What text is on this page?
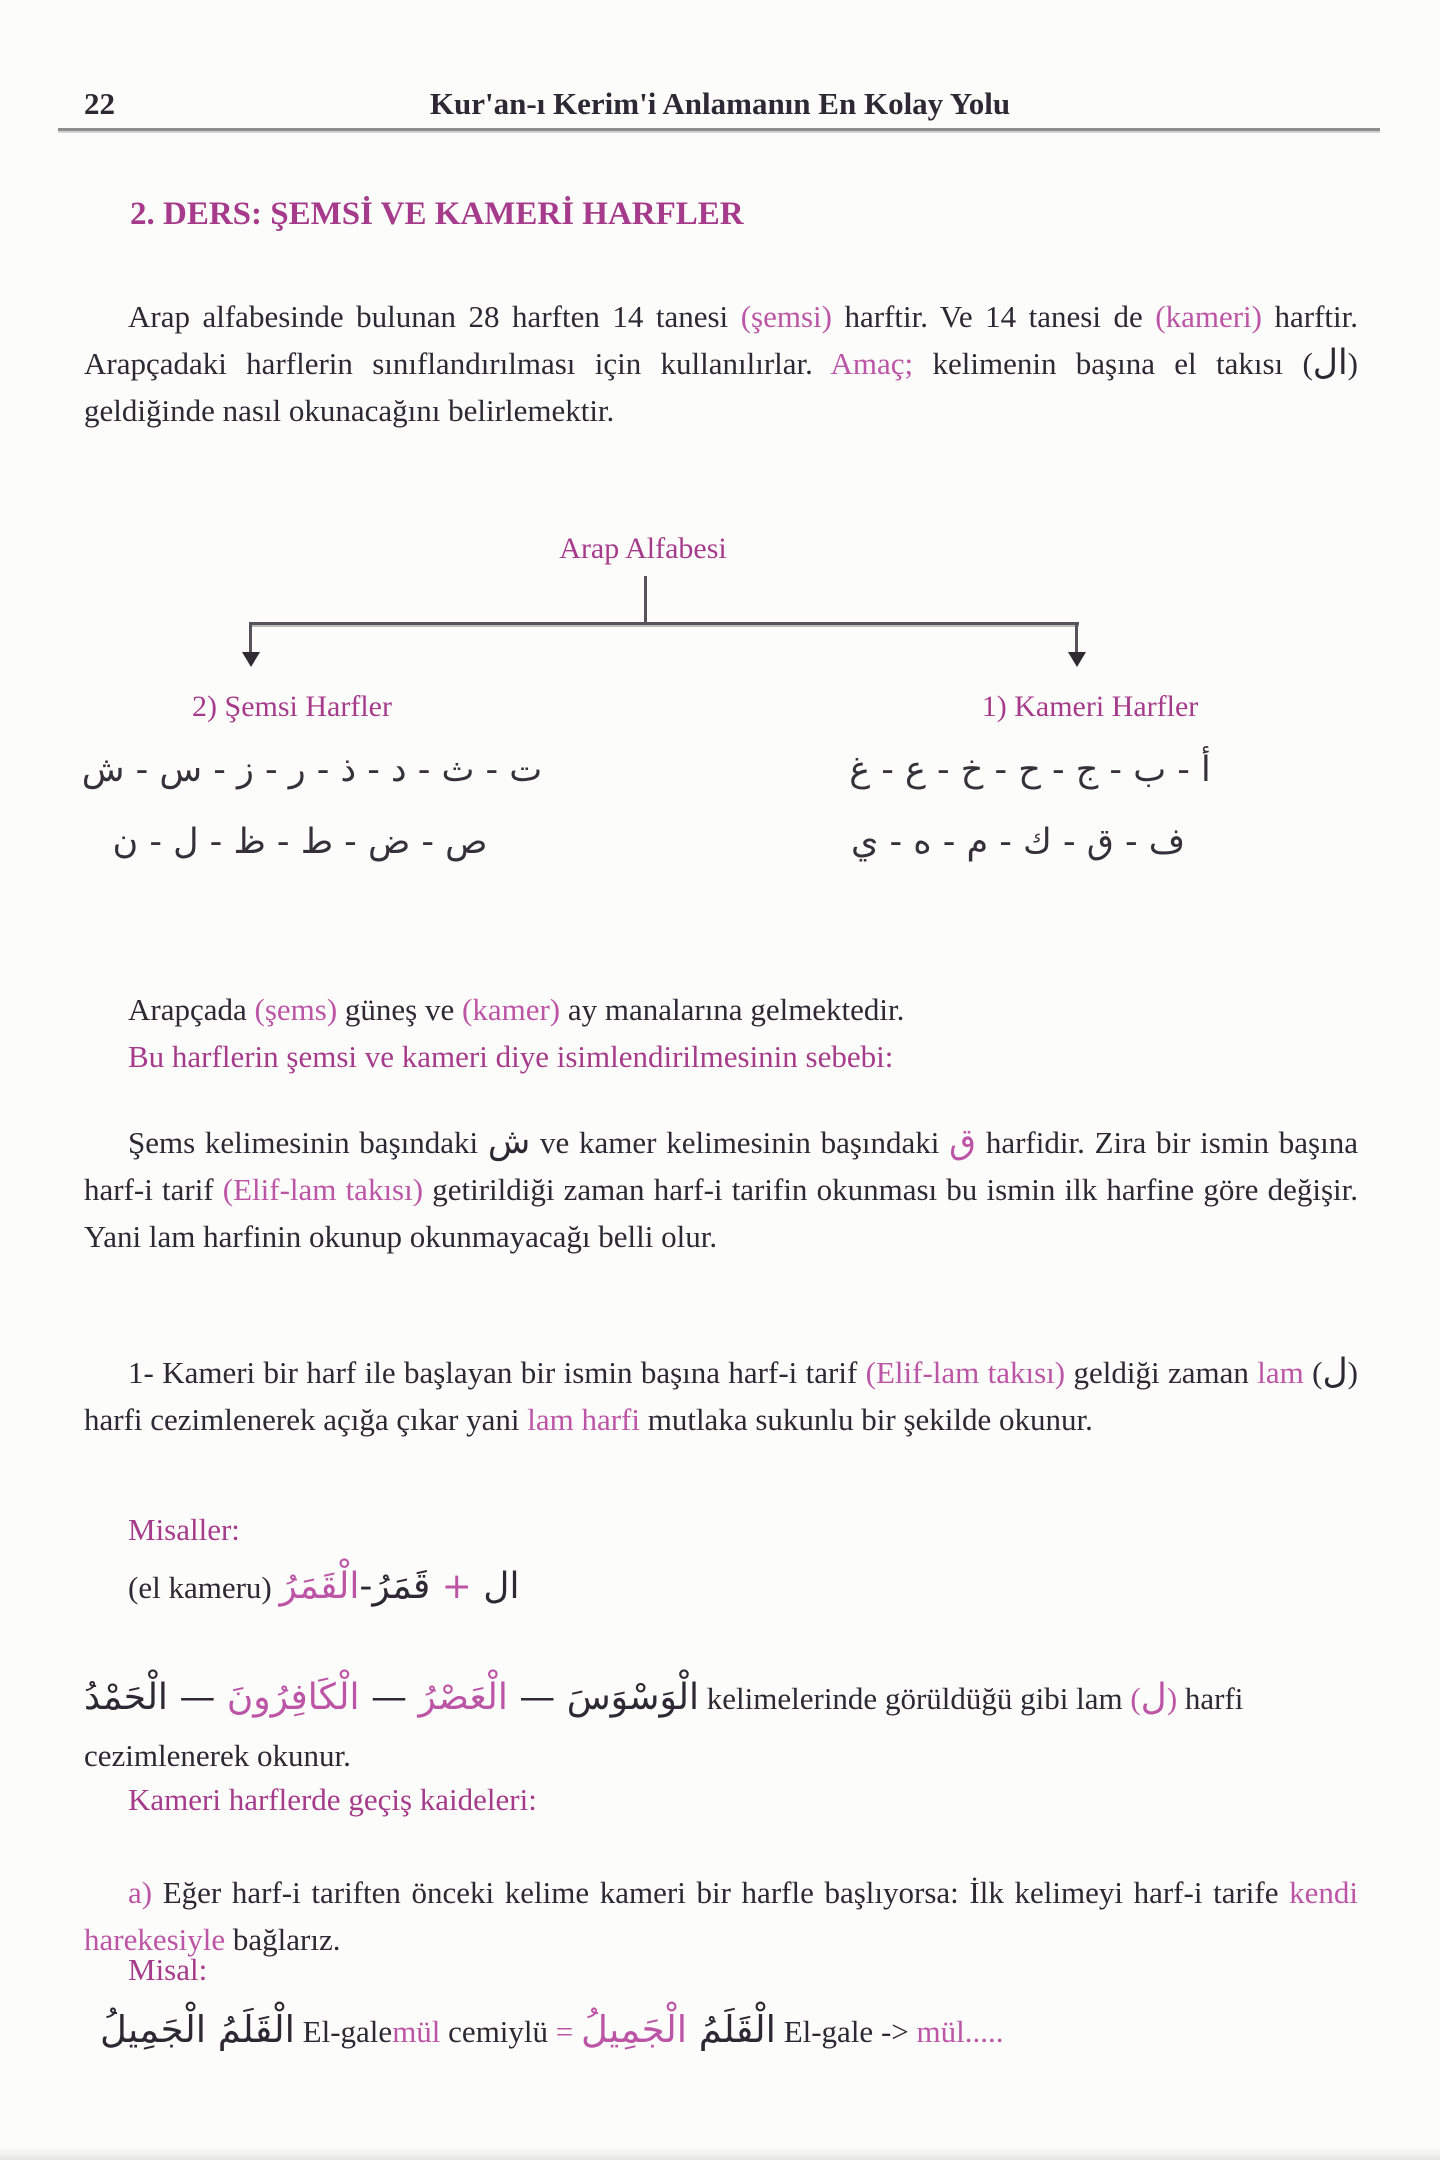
22	Kur'an-ı Kerim'i Anlamanın En Kolay Yolu
2. DERS: ŞEMSİ VE KAMERİ HARFLER

Arap alfabesinde bulunan 28 harften 14 tanesi (şemsi) harftir. Ve 14 tanesi de (kameri) harftir. Arapçadaki harflerin sınıflandırılması için kullanılırlar. Amaç; kelimenin başına el takısı (ال) geldiğinde nasıl okunacağını belirlemektir.

Arap Alfabesi
2) Şemsi Harfler	1) Kameri Harfler
ت - ث - د - ذ - ر - ز - س - ش
ص - ض - ط - ظ - ل - ن
أ - ب - ج - ح - خ - ع - غ
ف - ق - ك - م - ه - ي

Arapçada (şems) güneş ve (kamer) ay manalarına gelmektedir.

Bu harflerin şemsi ve kameri diye isimlendirilmesinin sebebi:

Şems kelimesinin başındaki ش ve kamer kelimesinin başındaki ق harfidir. Zira bir ismin başına harf-i tarif (Elif-lam takısı) getirildiği zaman harf-i tarifin okunması bu ismin ilk harfine göre değişir. Yani lam harfinin okunup okunmayacağı belli olur.

1- Kameri bir harf ile başlayan bir ismin başına harf-i tarif (Elif-lam takısı) geldiği zaman lam (ل) harfi cezimlenerek açığa çıkar yani lam harfi mutlaka sukunlu bir şekilde okunur.

Misaller:
(el kameru)	ال + قَمَرُ-الْقَمَرُ

الْوَسْوَسَ — الْعَصْرُ — الْكَافِرُونَ — الْحَمْدُ	kelimelerinde görüldüğü gibi lam (ل) harfi cezimlenerek okunur.

Kameri harflerde geçiş kaideleri:

a) Eğer harf-i tariften önceki kelime kameri bir harfle başlıyorsa: İlk kelimeyi harf-i tarife kendi harekesiyle bağlarız.

Misal:
الْقَلَمُ الْجَمِيلُ El-galemül cemiylü =	الْقَلَمُ الْجَمِيلُ	El-gale -> mül.....
